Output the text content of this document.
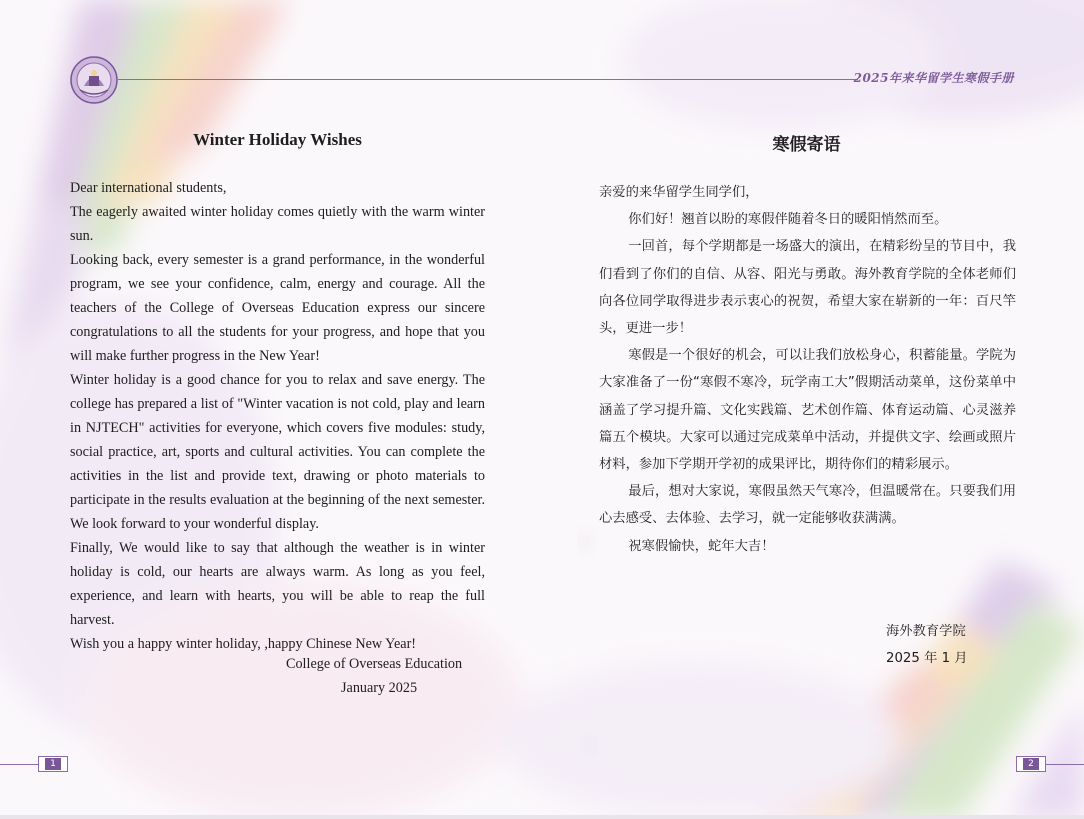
2025年来华留学生寒假手册
Winter Holiday Wishes

Dear international students,

The eagerly awaited winter holiday comes quietly with the warm winter sun.

Looking back, every semester is a grand performance, in the wonderful program, we see your confidence, calm, energy and courage. All the teachers of the College of Overseas Education express our sincere congratulations to all the students for your progress, and hope that you will make further progress in the New Year!

Winter holiday is a good chance for you to relax and save energy. The college has prepared a list of "Winter vacation is not cold, play and learn in NJTECH" activities for everyone, which covers five modules: study, social practice, art, sports and cultural activities. You can complete the activities in the list and provide text, drawing or photo materials to participate in the results evaluation at the beginning of the next semester. We look forward to your wonderful display.

Finally, We would like to say that although the weather is in winter holiday is cold, our hearts are always warm. As long as you feel, experience, and learn with hearts, you will be able to reap the full harvest.

Wish you a happy winter holiday, ,happy Chinese New Year!

College of Overseas Education
January 2025
寒假寄语

亲爱的来华留学生同学们，

你们好！翘首以盼的寒假伴随着冬日的暖阳悄然而至。

一回首，每个学期都是一场盛大的演出，在精彩纷呈的节目中，我们看到了你们的自信、从容、阳光与勇敢。海外教育学院的全体老师们向各位同学取得进步表示衷心的祝贺，希望大家在崭新的一年：百尺竿头，更进一步！

寒假是一个很好的机会，可以让我们放松身心，积蓄能量。学院为大家准备了一份“寒假不寒冷，玩学南工大”假期活动菜单，这份菜单中涵盖了学习提升篇、文化实践篇、艺术创作篇、体育运动篇、心灵滋养篇五个模块。大家可以通过完成菜单中活动，并提供文字、绘画或照片材料，参加下学期开学初的成果评比，期待你们的精彩展示。

最后，想对大家说，寒假虽然天气寒冷，但温暖常在。只要我们用心去感受、去体验、去学习，就一定能够收获满满。

祝寒假愉快，蛇年大吉！

海外教育学院
2025 年 1 月
1	2
